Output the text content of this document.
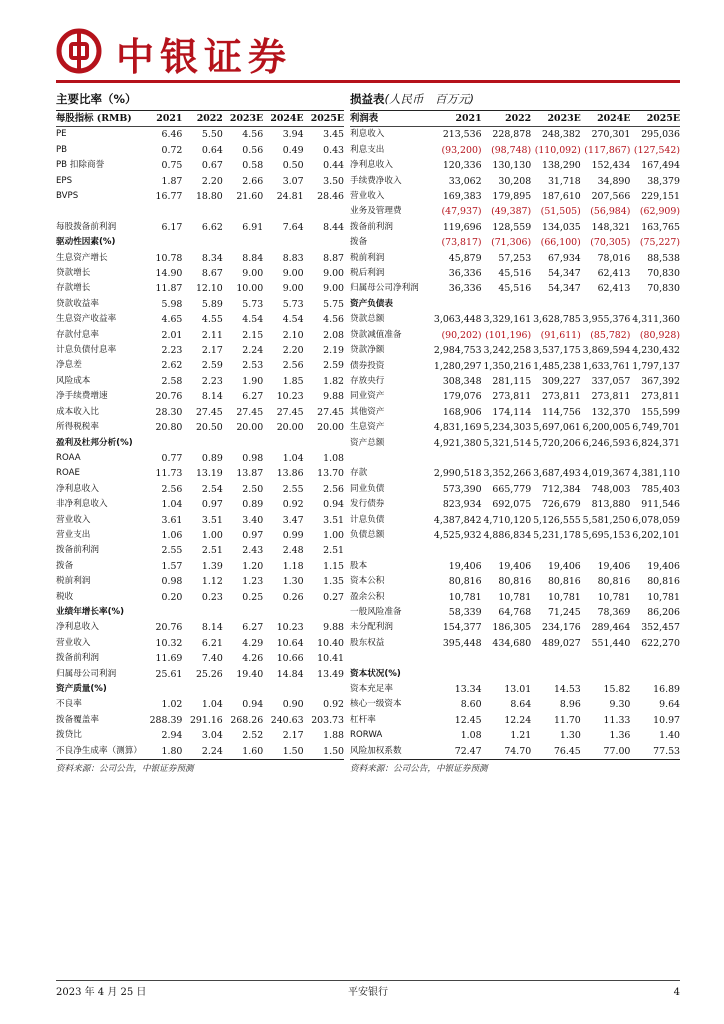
中银证券
主要比率（%）
每股指标 (RMB)	2021	2022	2023E	2024E	2025E
PE	6.46	5.50	4.56	3.94	3.45
PB	0.72	0.64	0.56	0.49	0.43
PB 扣除商誉	0.75	0.67	0.58	0.50	0.44
EPS	1.87	2.20	2.66	3.07	3.50
BVPS	16.77	18.80	21.60	24.81	28.46

每股拨备前利润	6.17	6.62	6.91	7.64	8.44
驱动性因素(%)					
生息资产增长	10.78	8.34	8.84	8.83	8.87
贷款增长	14.90	8.67	9.00	9.00	9.00
存款增长	11.87	12.10	10.00	9.00	9.00
贷款收益率	5.98	5.89	5.73	5.73	5.75
生息资产收益率	4.65	4.55	4.54	4.54	4.56
存款付息率	2.01	2.11	2.15	2.10	2.08
计息负债付息率	2.23	2.17	2.24	2.20	2.19
净息差	2.62	2.59	2.53	2.56	2.59
风险成本	2.58	2.23	1.90	1.85	1.82
净手续费增速	20.76	8.14	6.27	10.23	9.88
成本收入比	28.30	27.45	27.45	27.45	27.45
所得税税率	20.80	20.50	20.00	20.00	20.00
盈利及杜邦分析(%)					
ROAA	0.77	0.89	0.98	1.04	1.08
ROAE	11.73	13.19	13.87	13.86	13.70
净利息收入	2.56	2.54	2.50	2.55	2.56
非净利息收入	1.04	0.97	0.89	0.92	0.94
营业收入	3.61	3.51	3.40	3.47	3.51
营业支出	1.06	1.00	0.97	0.99	1.00
拨备前利润	2.55	2.51	2.43	2.48	2.51
拨备	1.57	1.39	1.20	1.18	1.15
税前利润	0.98	1.12	1.23	1.30	1.35
税收	0.20	0.23	0.25	0.26	0.27
业绩年增长率(%)					
净利息收入	20.76	8.14	6.27	10.23	9.88
营业收入	10.32	6.21	4.29	10.64	10.40
拨备前利润	11.69	7.40	4.26	10.66	10.41
归属母公司利润	25.61	25.26	19.40	14.84	13.49
资产质量(%)					
不良率	1.02	1.04	0.94	0.90	0.92
拨备覆盖率	288.39	291.16	268.26	240.63	203.73
拨贷比	2.94	3.04	2.52	2.17	1.88
不良净生成率（测算）	1.80	2.24	1.60	1.50	1.50
资料来源：公司公告，中银证券预测
损益表(人民币　百万元)
利润表	2021	2022	2023E	2024E	2025E
利息收入	213,536	228,878	248,382	270,301	295,036
利息支出	(93,200)	(98,748)	(110,092)	(117,867)	(127,542)
净利息收入	120,336	130,130	138,290	152,434	167,494
手续费净收入	33,062	30,208	31,718	34,890	38,379
营业收入	169,383	179,895	187,610	207,566	229,151
业务及管理费	(47,937)	(49,387)	(51,505)	(56,984)	(62,909)
拨备前利润	119,696	128,559	134,035	148,321	163,765
拨备	(73,817)	(71,306)	(66,100)	(70,305)	(75,227)
税前利润	45,879	57,253	67,934	78,016	88,538
税后利润	36,336	45,516	54,347	62,413	70,830
归属母公司净利润	36,336	45,516	54,347	62,413	70,830
资产负债表					
贷款总额	3,063,448	3,329,161	3,628,785	3,955,376	4,311,360
贷款减值准备	(90,202)	(101,196)	(91,611)	(85,782)	(80,928)
贷款净额	2,984,753	3,242,258	3,537,175	3,869,594	4,230,432
债券投资	1,280,297	1,350,216	1,485,238	1,633,761	1,797,137
存放央行	308,348	281,115	309,227	337,057	367,392
同业资产	179,076	273,811	273,811	273,811	273,811
其他资产	168,906	174,114	114,756	132,370	155,599
生息资产	4,831,169	5,234,303	5,697,061	6,200,005	6,749,701
资产总额	4,921,380	5,321,514	5,720,206	6,246,593	6,824,371

存款	2,990,518	3,352,266	3,687,493	4,019,367	4,381,110
同业负债	573,390	665,779	712,384	748,003	785,403
发行债券	823,934	692,075	726,679	813,880	911,546
计息负债	4,387,842	4,710,120	5,126,555	5,581,250	6,078,059
负债总额	4,525,932	4,886,834	5,231,178	5,695,153	6,202,101

股本	19,406	19,406	19,406	19,406	19,406
资本公积	80,816	80,816	80,816	80,816	80,816
盈余公积	10,781	10,781	10,781	10,781	10,781
一般风险准备	58,339	64,768	71,245	78,369	86,206
未分配利润	154,377	186,305	234,176	289,464	352,457
股东权益	395,448	434,680	489,027	551,440	622,270

资本状况(%)					
资本充足率	13.34	13.01	14.53	15.82	16.89
核心一级资本	8.60	8.64	8.96	9.30	9.64
杠杆率	12.45	12.24	11.70	11.33	10.97
RORWA	1.08	1.21	1.30	1.36	1.40
风险加权系数	72.47	74.70	76.45	77.00	77.53
资料来源：公司公告，中银证券预测
2023 年 4 月 25 日	平安银行	4
